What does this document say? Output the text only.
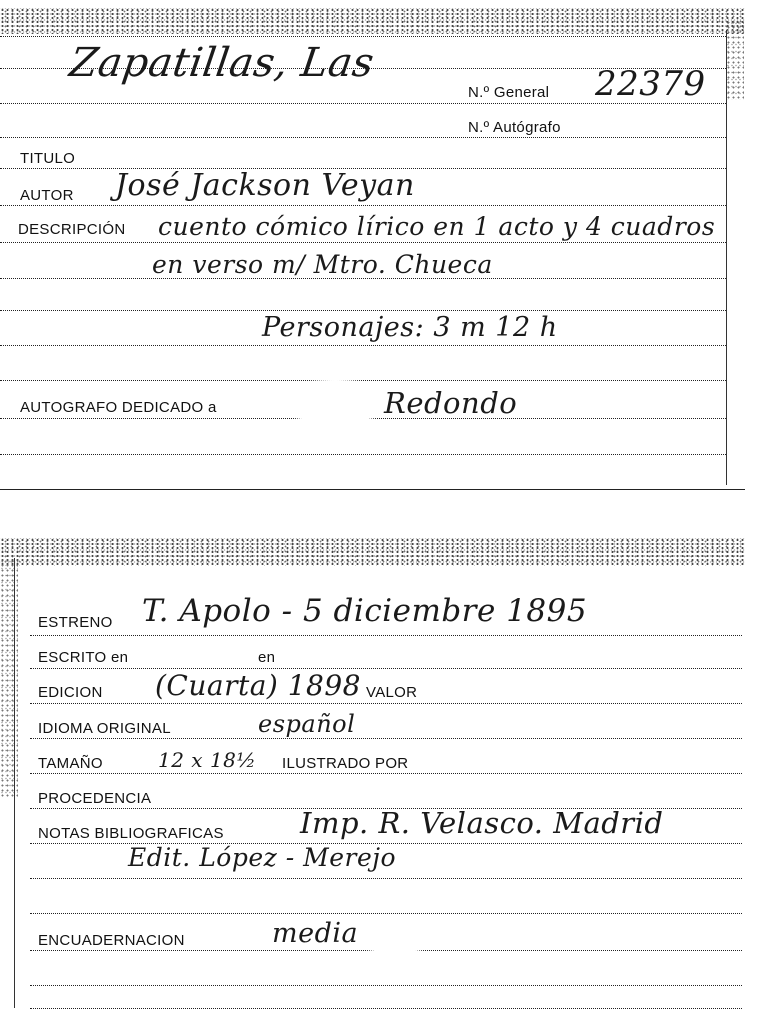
Zapatillas, Las
N.º General 22379
N.º Autógrafo
TITULO
AUTOR José Jackson Veyan
DESCRIPCIÓN cuento cómico lírico en 1 acto y 4 cuadros
en verso m/ Mtro. Chueca
Personajes: 3 m 12 h
AUTOGRAFO DEDICADO a	Redondo
ESTRENO T. Apolo - 5 diciembre 1895
ESCRITO en	en
EDICION (Cuarta) 1898 VALOR
IDIOMA ORIGINAL	español
TAMAÑO	12 x 18½ ILUSTRADO POR
PROCEDENCIA
NOTAS BIBLIOGRAFICAS	Imp. R. Velasco. Madrid
Edit. López - Merejo
ENCUADERNACION	media
